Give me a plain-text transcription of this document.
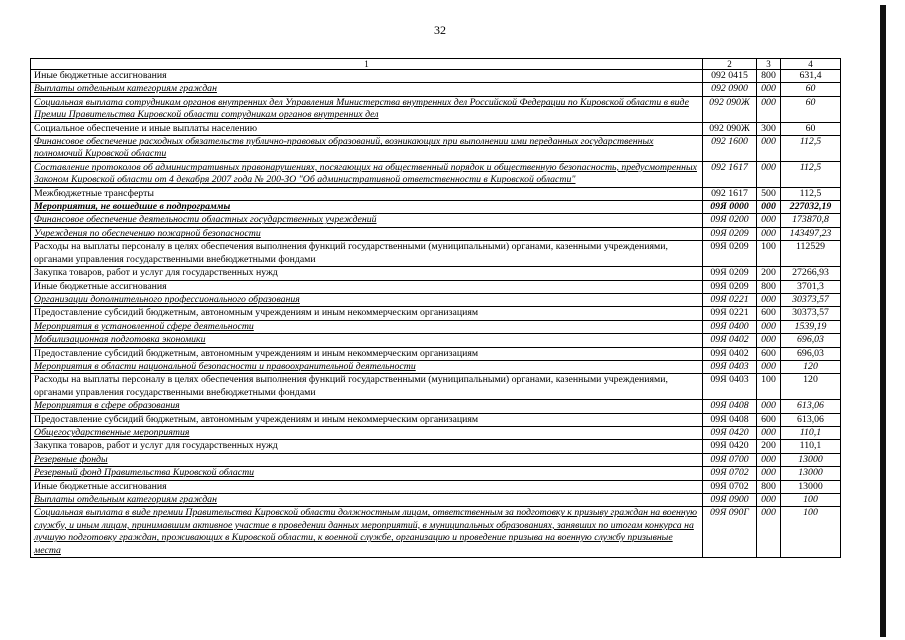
32
1	2	3	4
Иные бюджетные ассигнования	092 0415	800	631,4
Выплаты отдельным категориям граждан	092 0900	000	60
Социальная выплата сотрудникам органов внутренних дел Управления Министерства внутренних дел Российской Федерации по Кировской области в виде Премии Правительства Кировской области сотрудникам органов внутренних дел	092 090Ж	000	60
Социальное обеспечение и иные выплаты населению	092 090Ж	300	60
Финансовое обеспечение расходных обязательств публично-правовых образований, возникающих при выполнении ими переданных государственных полномочий Кировской области	092 1600	000	112,5
Составление протоколов об административных правонарушениях, посягающих на общественный порядок и общественную безопасность, предусмотренных Законом Кировской области от 4 декабря 2007 года № 200-ЗО "Об административной ответственности в Кировской области"	092 1617	000	112,5
Межбюджетные трансферты	092 1617	500	112,5
Мероприятия, не вошедшие в подпрограммы	09Я 0000	000	227032,19
Финансовое обеспечение деятельности областных государственных учреждений	09Я 0200	000	173870,8
Учреждения по обеспечению пожарной безопасности	09Я 0209	000	143497,23
Расходы на выплаты персоналу в целях обеспечения выполнения функций государственными (муниципальными) органами, казенными учреждениями, органами управления государственными внебюджетными фондами	09Я 0209	100	112529
Закупка товаров, работ и услуг для государственных нужд	09Я 0209	200	27266,93
Иные бюджетные ассигнования	09Я 0209	800	3701,3
Организации дополнительного профессионального образования	09Я 0221	000	30373,57
Предоставление субсидий бюджетным, автономным учреждениям и иным некоммерческим организациям	09Я 0221	600	30373,57
Мероприятия в установленной сфере деятельности	09Я 0400	000	1539,19
Мобилизационная подготовка экономики	09Я 0402	000	696,03
Предоставление субсидий бюджетным, автономным учреждениям и иным некоммерческим организациям	09Я 0402	600	696,03
Мероприятия в области национальной безопасности и правоохранительной деятельности	09Я 0403	000	120
Расходы на выплаты персоналу в целях обеспечения выполнения функций государственными (муниципальными) органами, казенными учреждениями, органами управления государственными внебюджетными фондами	09Я 0403	100	120
Мероприятия в сфере образования	09Я 0408	000	613,06
Предоставление субсидий бюджетным, автономным учреждениям и иным некоммерческим организациям	09Я 0408	600	613,06
Общегосударственные мероприятия	09Я 0420	000	110,1
Закупка товаров, работ и услуг для государственных нужд	09Я 0420	200	110,1
Резервные фонды	09Я 0700	000	13000
Резервный фонд Правительства Кировской области	09Я 0702	000	13000
Иные бюджетные ассигнования	09Я 0702	800	13000
Выплаты отдельным категориям граждан	09Я 0900	000	100
Социальная выплата в виде премии Правительства Кировской области должностным лицам, ответственным за подготовку к призыву граждан на военную службу, и иным лицам, принимавшим активное участие в проведении данных мероприятий, в муниципальных образованиях, занявших по итогам конкурса на лучшую подготовку граждан, проживающих в Кировской области, к военной службе, организацию и проведение призыва на военную службу призывные места	09Я 090Г	000	100
